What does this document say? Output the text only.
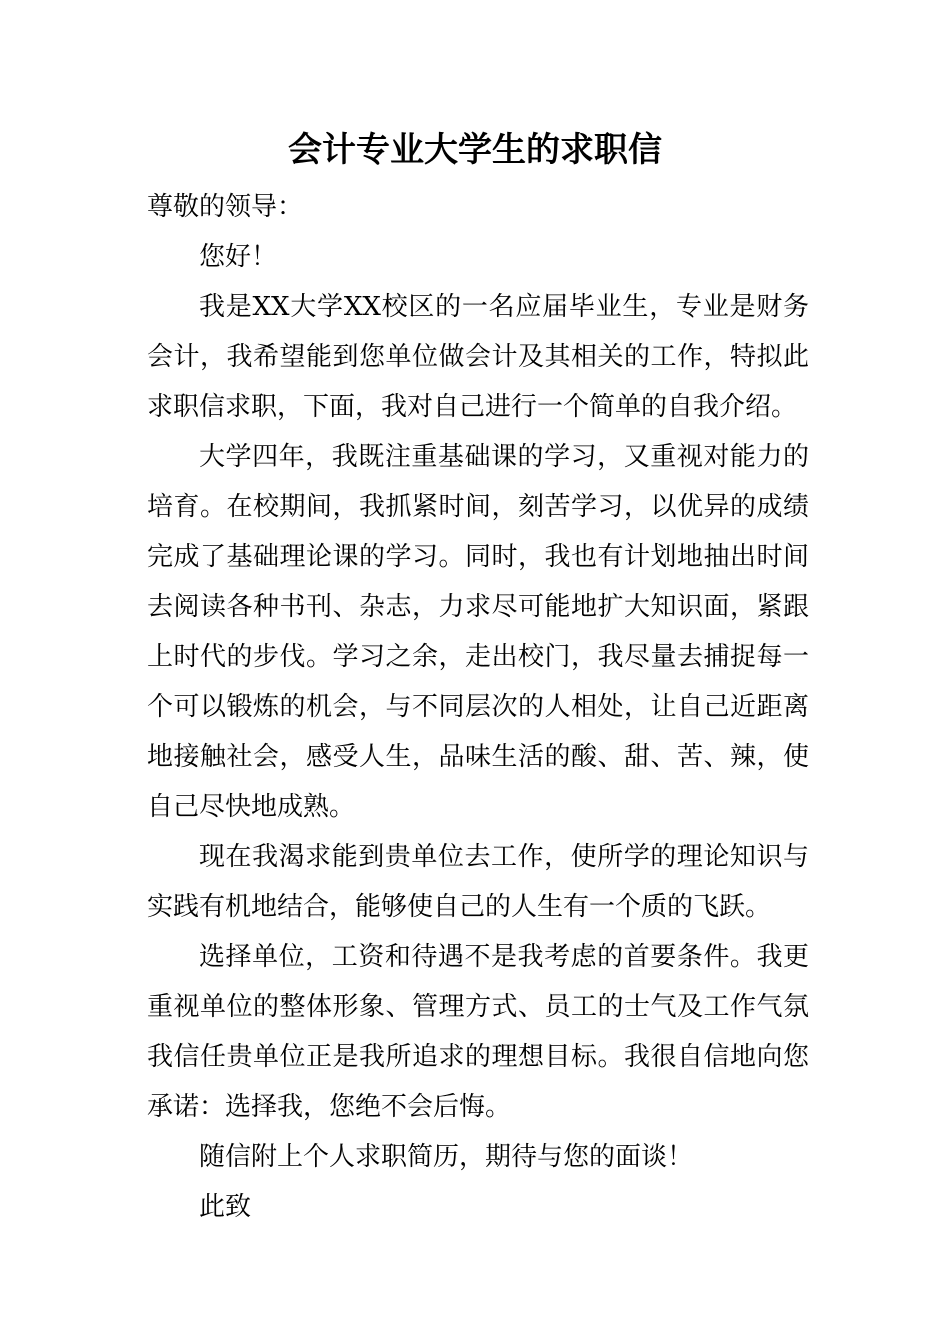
会计专业大学生的求职信

尊敬的领导：

您好！

我是XX大学XX校区的一名应届毕业生，专业是财务会计，我希望能到您单位做会计及其相关的工作，特拟此求职信求职，下面，我对自己进行一个简单的自我介绍。

大学四年，我既注重基础课的学习，又重视对能力的培育。在校期间，我抓紧时间，刻苦学习，以优异的成绩完成了基础理论课的学习。同时，我也有计划地抽出时间去阅读各种书刊、杂志，力求尽可能地扩大知识面，紧跟上时代的步伐。学习之余，走出校门，我尽量去捕捉每一个可以锻炼的机会，与不同层次的人相处，让自己近距离地接触社会，感受人生，品味生活的酸、甜、苦、辣，使自己尽快地成熟。

现在我渴求能到贵单位去工作，使所学的理论知识与实践有机地结合，能够使自己的人生有一个质的飞跃。

选择单位，工资和待遇不是我考虑的首要条件。我更重视单位的整体形象、管理方式、员工的士气及工作气氛我信任贵单位正是我所追求的理想目标。我很自信地向您承诺：选择我，您绝不会后悔。

随信附上个人求职简历，期待与您的面谈！

此致
